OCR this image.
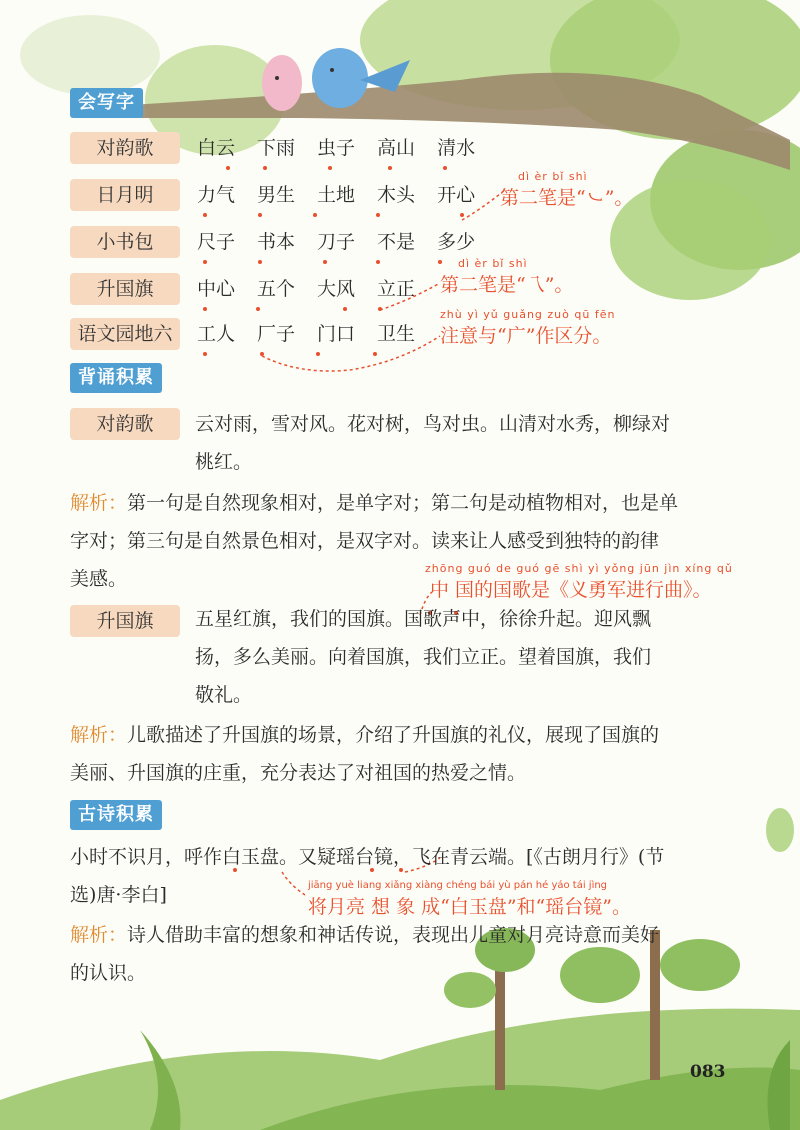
会写字
对韵歌	白云 下雨 虫子 高山 清水
日月明	力气 男生 土地 木头 开心
小书包	尺子 书本 刀子 不是 多少
升国旗	中心 五个 大风 立正
语文园地六	工人 厂子 门口 卫生
dì èr bǐ shì
第二笔是“㇃”。
dì èr bǐ shì
第二笔是“乁”。
zhù yì yǔ guǎng zuò qū fēn
注意与“广”作区分。
背诵积累
对韵歌	云对雨，雪对风。花对树，鸟对虫。山清对水秀，柳绿对
桃红。
解析：第一句是自然现象相对，是单字对；第二句是动植物相对，也是单
字对；第三句是自然景色相对，是双字对。读来让人感受到独特的韵律
美感。	zhōng guó de guó gē shì yì yǒng jūn jìn xíng qǔ
中 国的国歌是《义勇军进行曲》。
升国旗	五星红旗，我们的国旗。国歌声中，徐徐升起。迎风飘
扬，多么美丽。向着国旗，我们立正。望着国旗，我们
敬礼。
解析：儿歌描述了升国旗的场景，介绍了升国旗的礼仪，展现了国旗的
美丽、升国旗的庄重，充分表达了对祖国的热爱之情。
古诗积累
小时不识月，呼作白玉盘。又疑瑶台镜，飞在青云端。[《古朗月行》(节
选)唐·李白]	jiāng yuè liang xiǎng xiàng chéng bái yù pán hé yáo tái jìng
将月亮 想 象 成“白玉盘”和“瑶台镜”。
解析：诗人借助丰富的想象和神话传说，表现出儿童对月亮诗意而美好
的认识。
083
